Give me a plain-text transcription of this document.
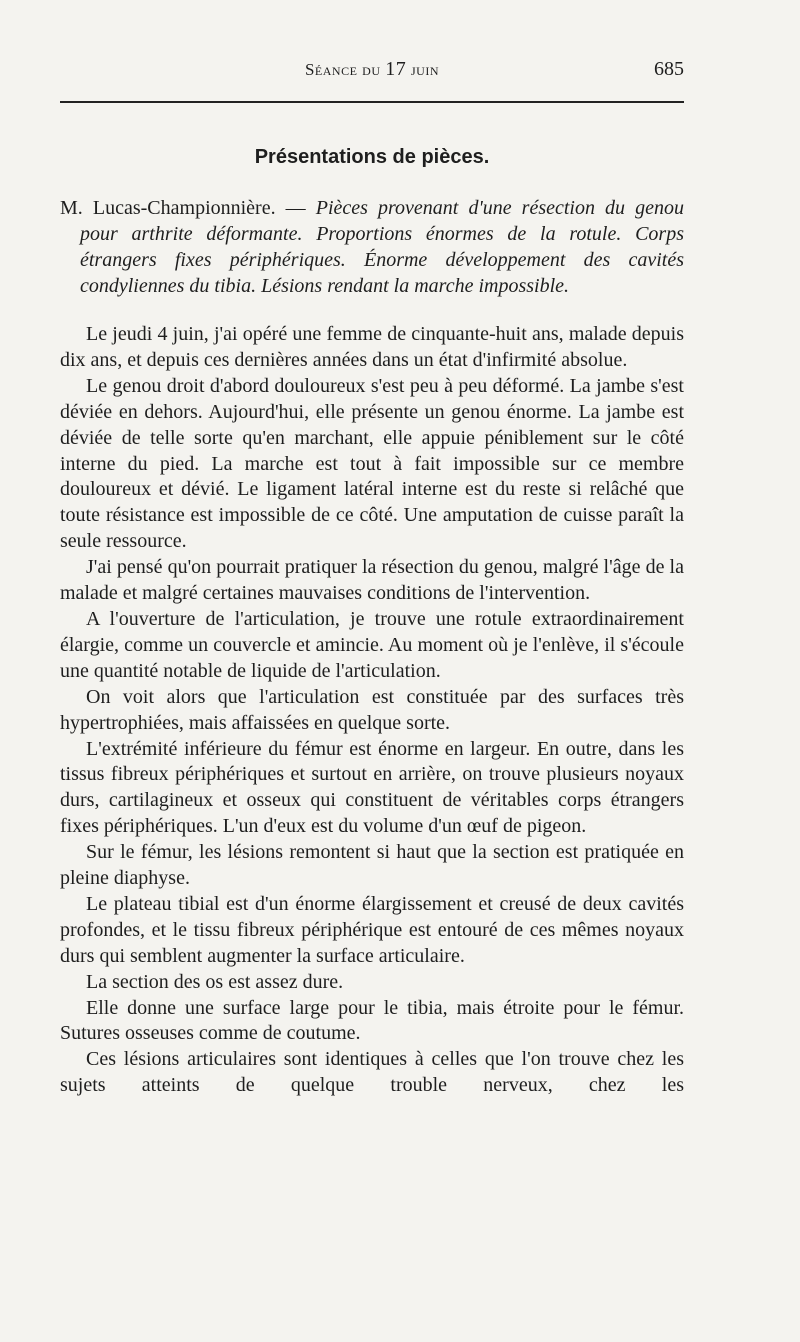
Séance du 17 juin	685
Présentations de pièces.
M. Lucas-Championnière. — Pièces provenant d'une résection du genou pour arthrite déformante. Proportions énormes de la rotule. Corps étrangers fixes périphériques. Énorme développement des cavités condyliennes du tibia. Lésions rendant la marche impossible.

Le jeudi 4 juin, j'ai opéré une femme de cinquante-huit ans, malade depuis dix ans, et depuis ces dernières années dans un état d'infirmité absolue.

Le genou droit d'abord douloureux s'est peu à peu déformé. La jambe s'est déviée en dehors. Aujourd'hui, elle présente un genou énorme. La jambe est déviée de telle sorte qu'en marchant, elle appuie péniblement sur le côté interne du pied. La marche est tout à fait impossible sur ce membre douloureux et dévié. Le ligament latéral interne est du reste si relâché que toute résistance est impossible de ce côté. Une amputation de cuisse paraît la seule ressource.

J'ai pensé qu'on pourrait pratiquer la résection du genou, malgré l'âge de la malade et malgré certaines mauvaises conditions de l'intervention.

A l'ouverture de l'articulation, je trouve une rotule extraordinairement élargie, comme un couvercle et amincie. Au moment où je l'enlève, il s'écoule une quantité notable de liquide de l'articulation.

On voit alors que l'articulation est constituée par des surfaces très hypertrophiées, mais affaissées en quelque sorte.

L'extrémité inférieure du fémur est énorme en largeur. En outre, dans les tissus fibreux périphériques et surtout en arrière, on trouve plusieurs noyaux durs, cartilagineux et osseux qui constituent de véritables corps étrangers fixes périphériques. L'un d'eux est du volume d'un œuf de pigeon.

Sur le fémur, les lésions remontent si haut que la section est pratiquée en pleine diaphyse.

Le plateau tibial est d'un énorme élargissement et creusé de deux cavités profondes, et le tissu fibreux périphérique est entouré de ces mêmes noyaux durs qui semblent augmenter la surface articulaire.

La section des os est assez dure.

Elle donne une surface large pour le tibia, mais étroite pour le fémur. Sutures osseuses comme de coutume.

Ces lésions articulaires sont identiques à celles que l'on trouve chez les sujets atteints de quelque trouble nerveux, chez les
